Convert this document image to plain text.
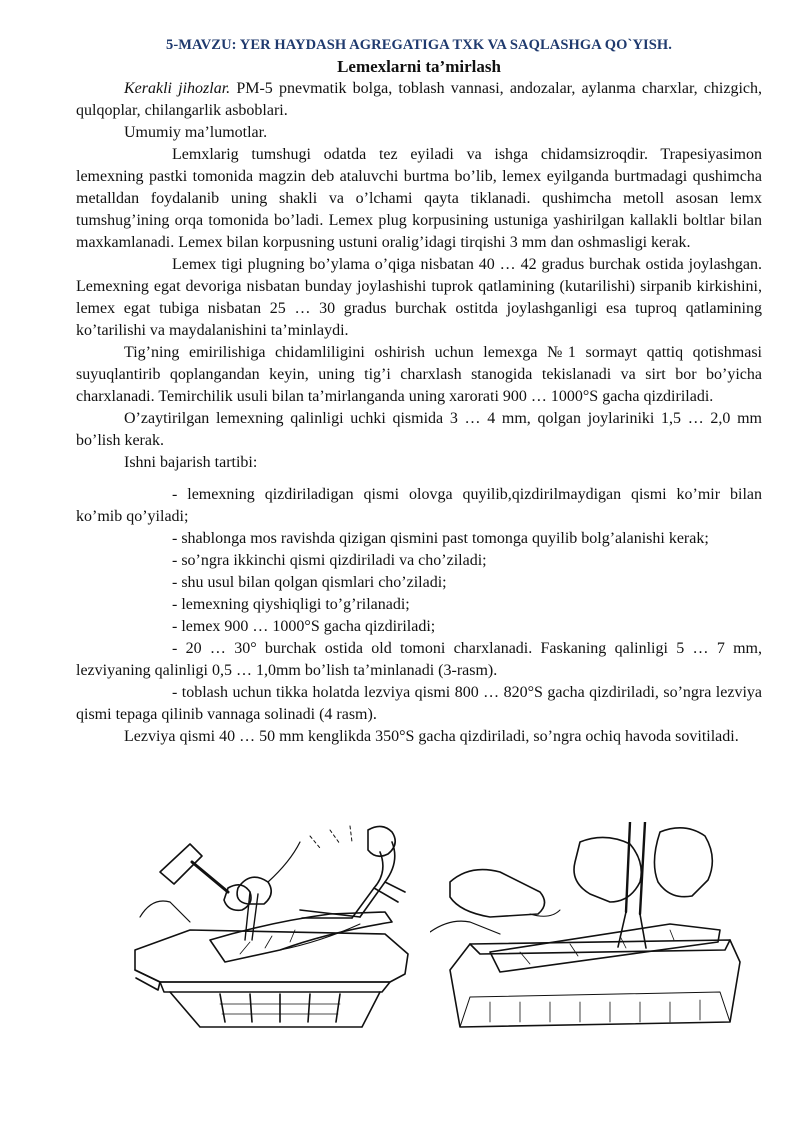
5-MAVZU: YER HAYDASH AGREGATIGA TXK VA SAQLASHGA QO`YISH.
Lemexlarni ta’mirlash

Kerakli jihozlar. PM-5 pnevmatik bolga, toblash vannasi, andozalar, aylanma charxlar, chizgich, qulqoplar, chilangarlik asboblari.

Umumiy ma’lumotlar.

Lemxlarig tumshugi odatda tez eyiladi va ishga chidamsizroqdir. Trapesiyasimon lemexning pastki tomonida magzin deb ataluvchi burtma bo’lib, lemex eyilganda burtmadagi qushimcha metalldan foydalanib uning shakli va o’lchami qayta tiklanadi. qushimcha metoll asosan lemx tumshug’ining orqa tomonida bo’ladi. Lemex plug korpusining ustuniga yashirilgan kallakli boltlar bilan maxkamlanadi. Lemex bilan korpusning ustuni oralig’idagi tirqishi 3 mm dan oshmasligi kerak.

Lemex tigi plugning bo’ylama o’qiga nisbatan 40 … 42 gradus burchak ostida joylashgan. Lemexning egat devoriga nisbatan bunday joylashishi tuprok qatlamining (kutarilishi) sirpanib kirkishini, lemex egat tubiga nisbatan 25 … 30 gradus burchak ostitda joylashganligi esa tuproq qatlamining ko’tarilishi va maydalanishini ta’minlaydi.

Tig’ning emirilishiga chidamliligini oshirish uchun lemexga №1 sormayt qattiq qotishmasi suyuqlantirib qoplangandan keyin, uning tig’i charxlash stanogida tekislanadi va sirt bor bo’yicha charxlanadi. Temirchilik usuli bilan ta’mirlanganda uning xarorati 900 … 1000°S gacha qizdiriladi.

O’zaytirilgan lemexning qalinligi uchki qismida 3 … 4 mm, qolgan joylariniki 1,5 … 2,0 mm bo’lish kerak.

Ishni bajarish tartibi:

- lemexning qizdiriladigan qismi olovga quyilib,qizdirilmaydigan qismi ko’mir bilan ko’mib qo’yiladi;

- shablonga mos ravishda qizigan qismini past tomonga quyilib bolg’alanishi kerak;

- so’ngra ikkinchi qismi qizdiriladi va cho’ziladi;

- shu usul bilan qolgan qismlari cho’ziladi;

- lemexning qiyshiqligi to’g’rilanadi;

- lemex 900 … 1000°S gacha qizdiriladi;

- 20 … 30° burchak ostida old tomoni charxlanadi. Faskaning qalinligi 5 … 7 mm, lezviyaning qalinligi 0,5 … 1,0mm bo’lish ta’minlanadi (3-rasm).

- toblash uchun tikka holatda lezviya qismi 800 … 820°S gacha qizdiriladi, so’ngra lezviya qismi tepaga qilinib vannaga solinadi (4 rasm).

Lezviya qismi 40 … 50 mm kenglikda 350°S gacha qizdiriladi, so’ngra ochiq havoda sovitiladi.
